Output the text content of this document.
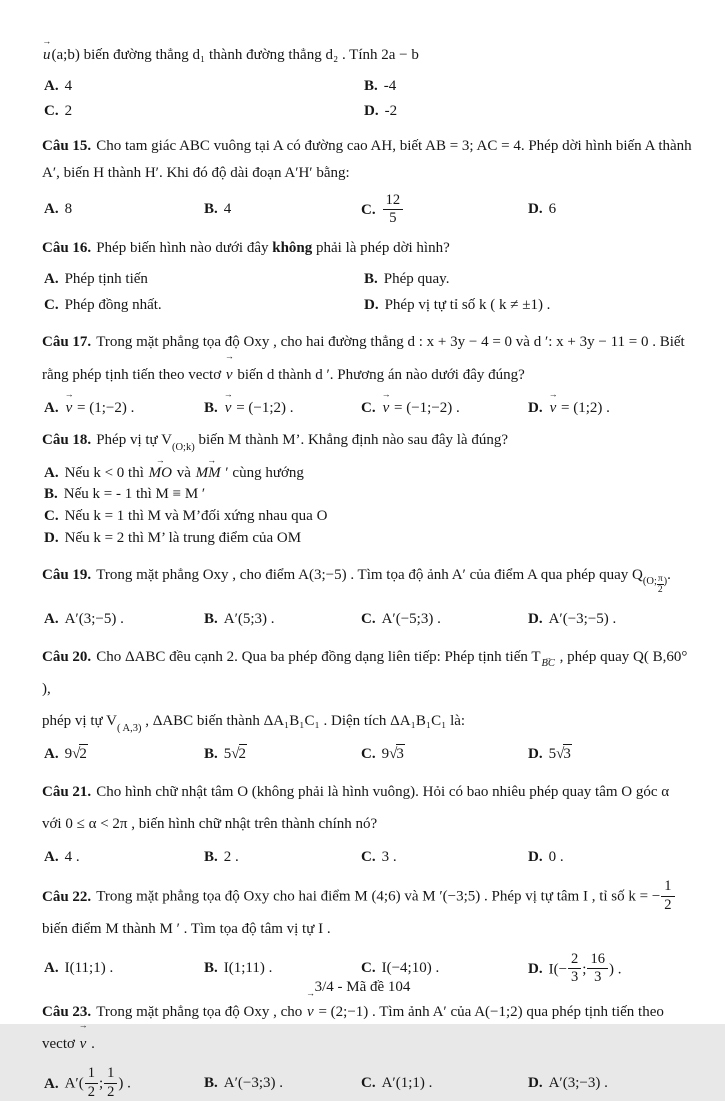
u →(a;b) biến đường thẳng d₁ thành đường thẳng d₂ . Tính 2a − b
A. 4	B. -4
C. 2	D. -2
Câu 15. Cho tam giác ABC vuông tại A có đường cao AH, biết AB = 3; AC = 4. Phép dời hình biến A thành
A′, biến H thành H′. Khi đó độ dài đoạn A′H′ bằng:
A. 8	B. 4	C. $\frac{12}{5}$	D. 6
Câu 16. Phép biến hình nào dưới đây không phải là phép dời hình?
A. Phép tịnh tiến	B. Phép quay.
C. Phép đồng nhất.	D. Phép vị tự tỉ số k ( k ≠ ±1) .
Câu 17. Trong mặt phẳng tọa độ Oxy , cho hai đường thẳng d : x + 3y − 4 = 0 và d ′: x + 3y − 11 = 0 . Biết
rằng phép tịnh tiến theo vectơ v → biến d thành d ′. Phương án nào dưới đây đúng?
A. v → = (1;−2) .	B. v → = (−1;2) .	C. v → = (−1;−2) .	D. v → = (1;2) .
Câu 18. Phép vị tự $V_{(O;k)}$ biến M thành M’. Khẳng định nào sau đây là đúng?
A. Nếu k < 0 thì MO → và MM ′ → cùng hướng
B. Nếu k = - 1 thì M ≡ M ′
C. Nếu k = 1 thì M và M’đối xứng nhau qua O
D. Nếu k = 2 thì M’ là trung điểm của OM
Câu 19. Trong mặt phẳng Oxy , cho điểm A(3;−5) . Tìm tọa độ ảnh A′ của điểm A qua phép quay $Q_{(O; \frac{\pi}{2} )}$.
A. A′(3;−5) .	B. A′(5;3) .	C. A′(−5;3) .	D. A′(−3;−5) .
Câu 20. Cho ΔABC đều cạnh 2. Qua ba phép đồng dạng liên tiếp: Phép tịnh tiến $T_{BC}$ → , phép quay Q( B,60° ),
phép vị tự $V_{( A,3)}$ , ΔABC biến thành ΔA₁B₁C₁ . Diện tích ΔA₁B₁C₁ là:
A. 9√2	B. 5√2	C. 9√3	D. 5√3
Câu 21. Cho hình chữ nhật tâm O (không phải là hình vuông). Hỏi có bao nhiêu phép quay tâm O góc α
với 0 ≤ α < 2π , biến hình chữ nhật trên thành chính nó?
A. 4 .	B. 2 .	C. 3 .	D. 0 .
Câu 22. Trong mặt phẳng tọa độ Oxy cho hai điểm M (4;6) và M ′(−3;5) . Phép vị tự tâm I , tỉ số k = − $\frac{1}{2}$

biến điểm M thành M ′ . Tìm tọa độ tâm vị tự I .
A. I(11;1) .	B. I(1;11) .	C. I(−4;10) .	D. $I(- \frac{2}{3}$ ; $\frac{16}{3}$ ) .
Câu 23. Trong mặt phẳng tọa độ Oxy , cho v → = (2;−1) . Tìm ảnh A′ của A(−1;2) qua phép tịnh tiến theo
vectơ v → .
A. $A'( \frac{1}{2}$ ; $\frac{1}{2}$ ) .	B. A′(−3;3) .	C. A′(1;1) .	D. A′(3;−3) .
3/4 - Mã đề 104
